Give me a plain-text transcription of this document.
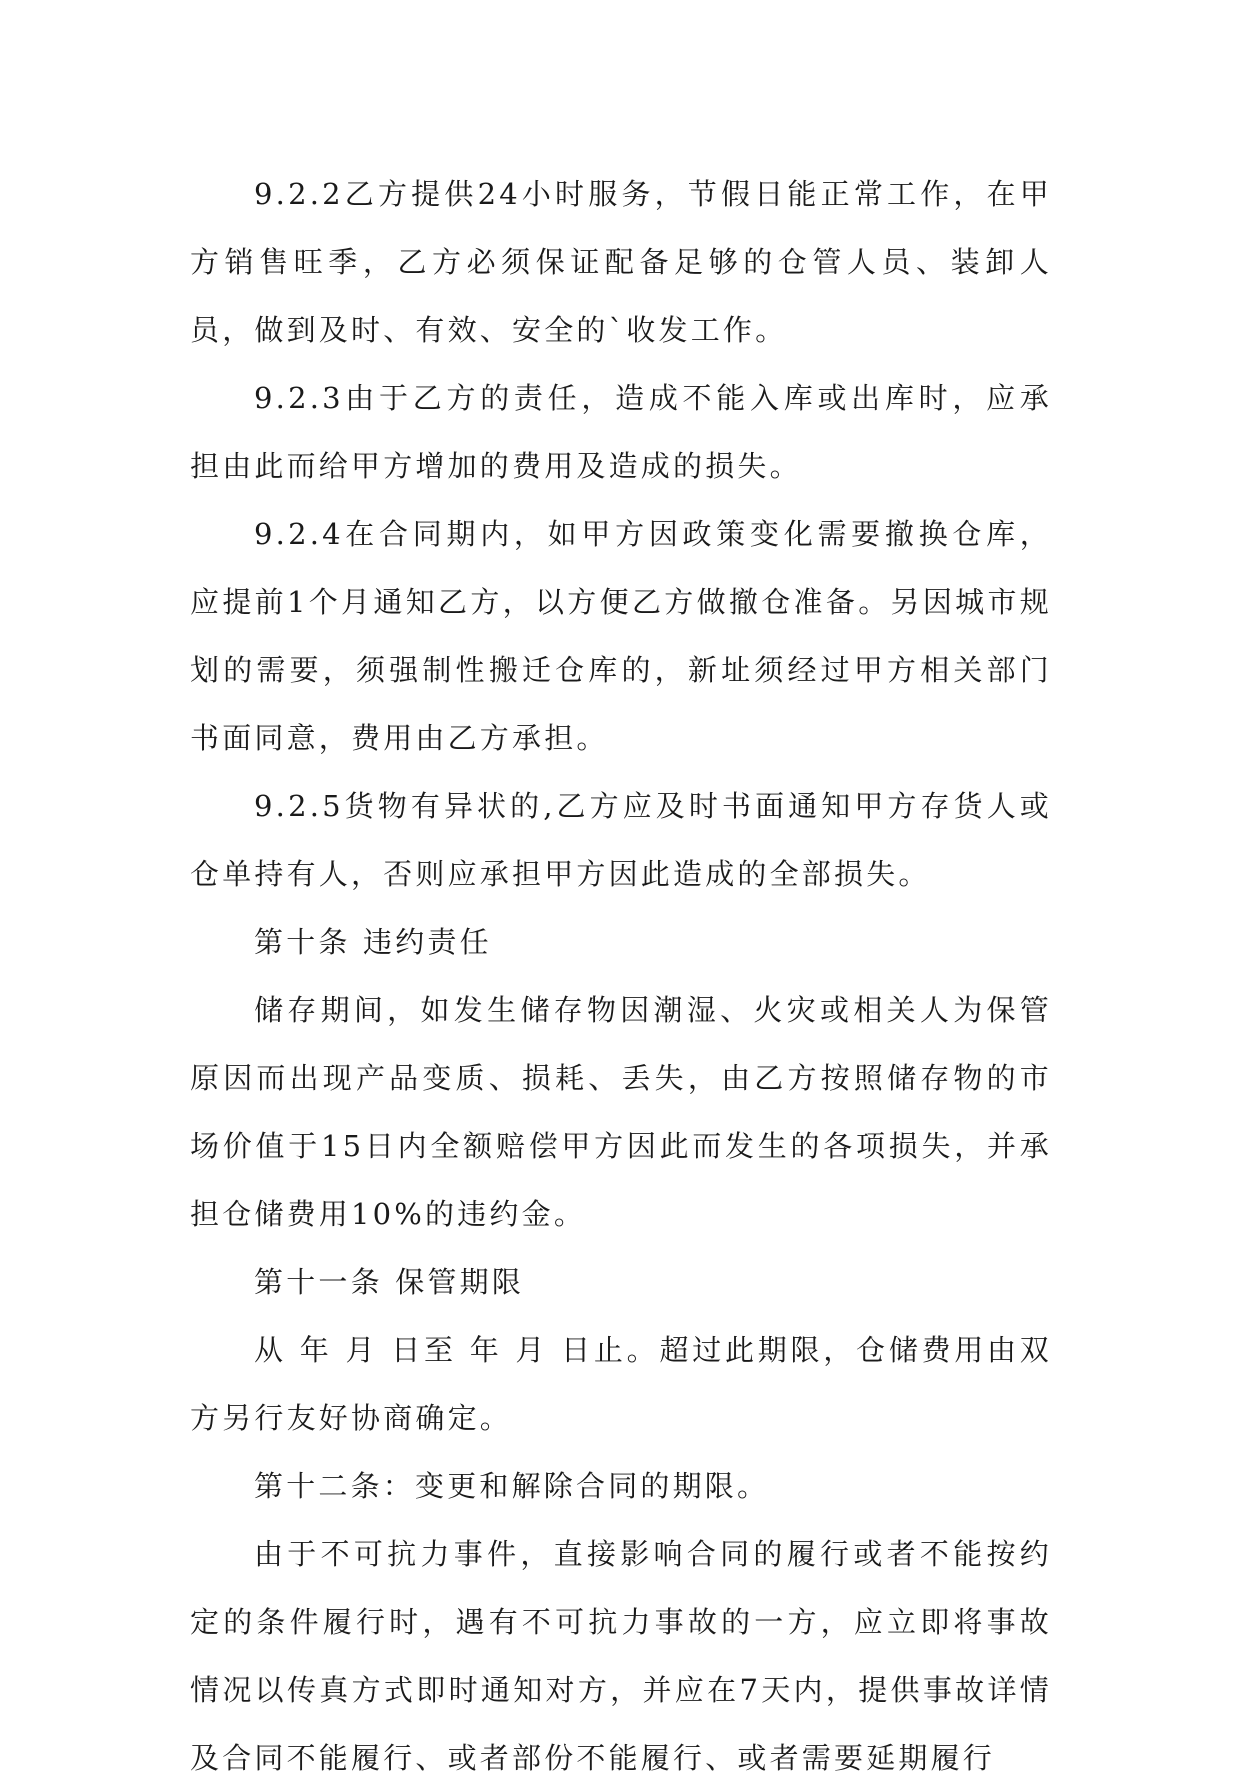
9.2.2乙方提供24小时服务，节假日能正常工作，在甲方销售旺季，乙方必须保证配备足够的仓管人员、装卸人员，做到及时、有效、安全的`收发工作。

9.2.3由于乙方的责任，造成不能入库或出库时，应承担由此而给甲方增加的费用及造成的损失。

9.2.4在合同期内，如甲方因政策变化需要撤换仓库，应提前1个月通知乙方，以方便乙方做撤仓准备。另因城市规划的需要，须强制性搬迁仓库的，新址须经过甲方相关部门书面同意，费用由乙方承担。

9.2.5货物有异状的,乙方应及时书面通知甲方存货人或仓单持有人，否则应承担甲方因此造成的全部损失。

第十条 违约责任

储存期间，如发生储存物因潮湿、火灾或相关人为保管原因而出现产品变质、损耗、丢失，由乙方按照储存物的市场价值于15日内全额赔偿甲方因此而发生的各项损失，并承担仓储费用10%的违约金。

第十一条 保管期限

从 年 月 日至 年 月 日止。超过此期限，仓储费用由双方另行友好协商确定。

第十二条：变更和解除合同的期限。

由于不可抗力事件，直接影响合同的履行或者不能按约定的条件履行时，遇有不可抗力事故的一方，应立即将事故情况以传真方式即时通知对方，并应在7天内，提供事故详情及合同不能履行、或者部份不能履行、或者需要延期履行
